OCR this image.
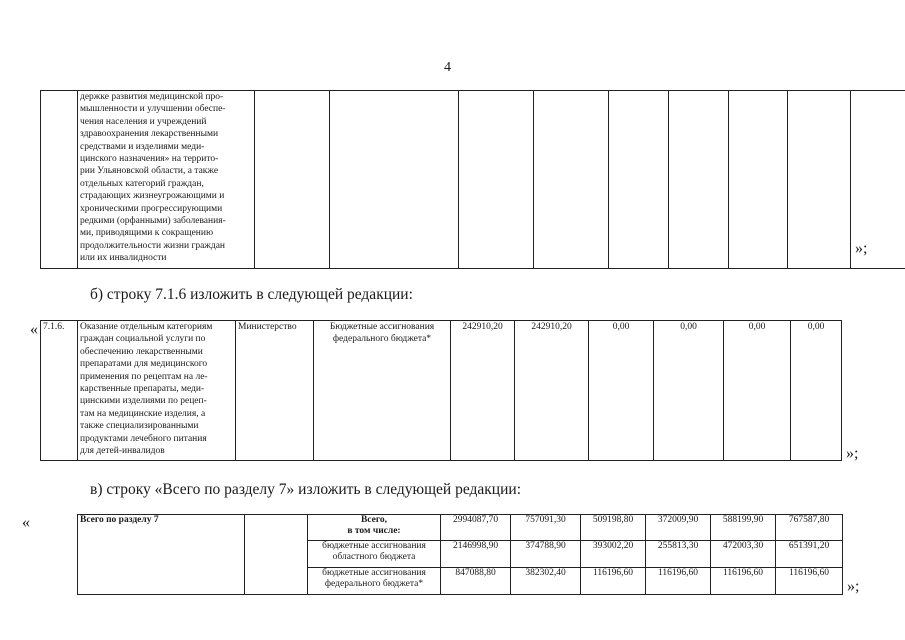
4

держке развития медицинской про-
мышленности и улучшении обеспе-
чения населения и учреждений
здравоохранения лекарственными
средствами и изделиями меди-
цинского назначения» на террито-
рии Ульяновской области, а также
отдельных категорий граждан,
страдающих жизнеугрожающими и
хроническими прогрессирующими
редкими (орфанными) заболевания-
ми, приводящими к сокращению
продолжительности жизни граждан
или их инвалидности

»;
б) строку 7.1.6 изложить в следующей редакции:
« 7.1.6.	Оказание отдельным категориям
граждан социальной услуги по
обеспечению лекарственными
препаратами для медицинского
применения по рецептам на ле-
карственные препараты, меди-
цинскими изделиями по рецеп-
там на медицинские изделия, а
также специализированными
продуктами лечебного питания
для детей-инвалидов
	Министерство	Бюджетные ассигнования
федерального бюджета*
	242910,20	242910,20	0,00	0,00	0,00	0,00
»;
в) строку «Всего по разделу 7» изложить в следующей редакции:
«	Всего по разделу 7		Всего,
в том числе:	2994087,70	757091,30	509198,80	372009,90	588199,90	767587,80

		бюджетные ассигнования
областного бюджета	2146998,90	374788,90	393002,20	255813,30	472003,30	651391,20

		бюджетные ассигнования
федерального бюджета*	847088,80	382302,40	116196,60	116196,60	116196,60	116196,60
»;
